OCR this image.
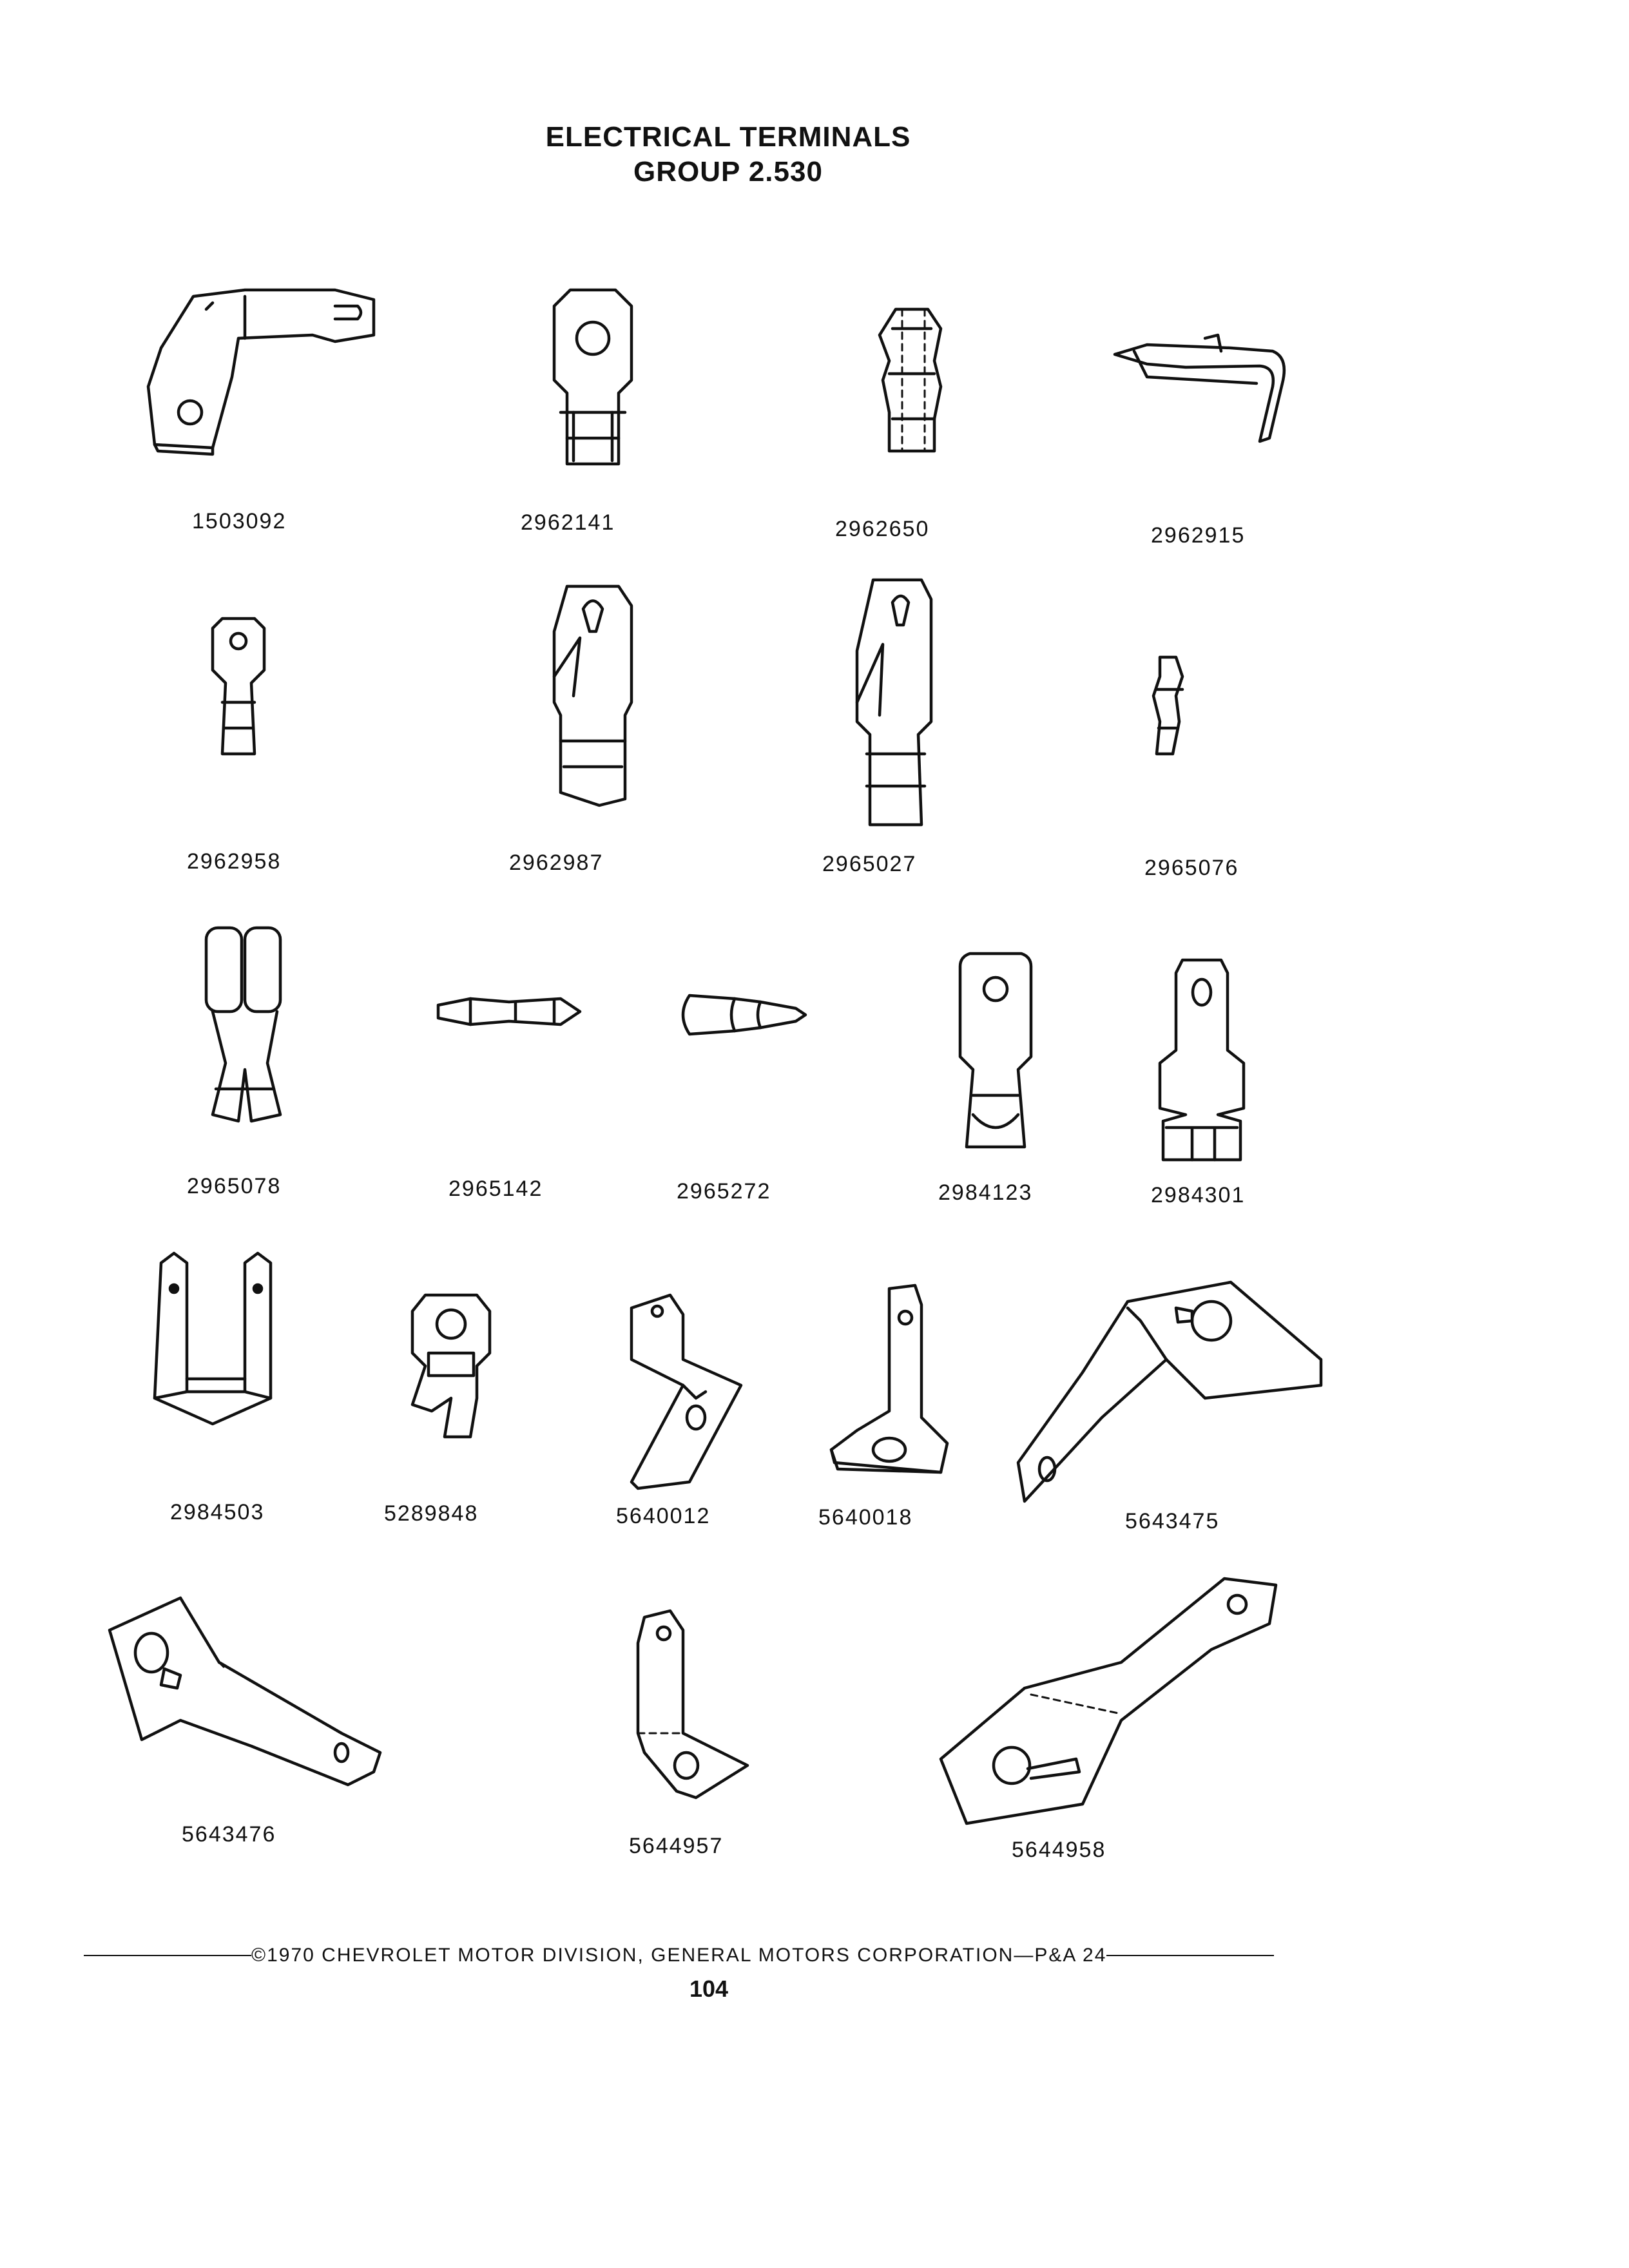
ELECTRICAL TERMINALS
GROUP 2.530
1503092	2962141	2962650	2962915
2962958	2962987	2965027	2965076
2965078	2965142	2965272	2984123	2984301
2984503	5289848	5640012	5640018	5643475
5643476	5644957	5644958
©1970 CHEVROLET MOTOR DIVISION, GENERAL MOTORS CORPORATION—P&A 24
104
